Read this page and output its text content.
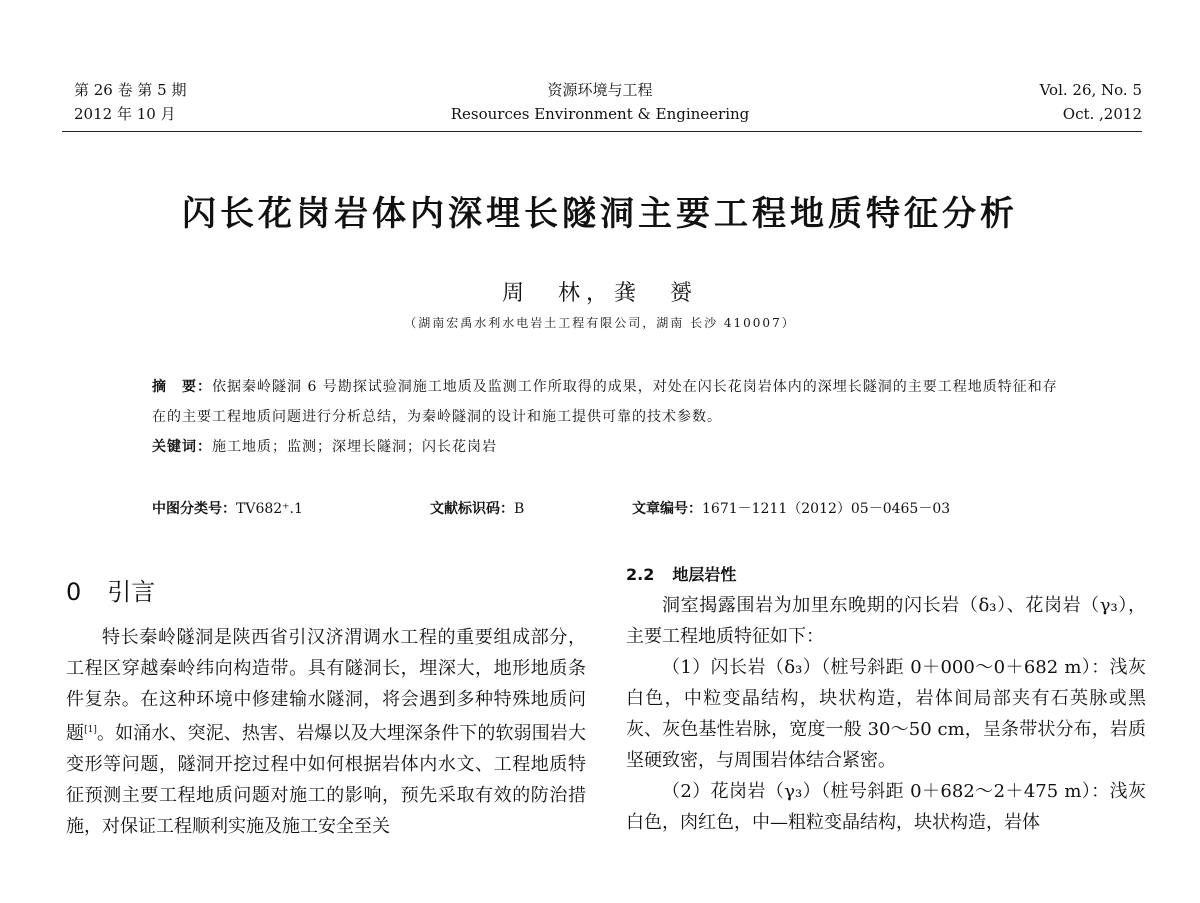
第 26 卷 第 5 期
2012 年 10 月
资源环境与工程
Resources Environment & Engineering
Vol. 26, No. 5
Oct. ,2012
闪长花岗岩体内深埋长隧洞主要工程地质特征分析
周　林，龚　赟
（湖南宏禹水利水电岩土工程有限公司，湖南 长沙 410007）
摘　要：依据秦岭隧洞 6 号勘探试验洞施工地质及监测工作所取得的成果，对处在闪长花岗岩体内的深埋长隧洞的主要工程地质特征和存在的主要工程地质问题进行分析总结，为秦岭隧洞的设计和施工提供可靠的技术参数。
关键词：施工地质；监测；深埋长隧洞；闪长花岗岩
中图分类号：TV682⁺.1	文献标识码：B	文章编号：1671－1211（2012）05－0465－03
0 引言

特长秦岭隧洞是陕西省引汉济渭调水工程的重要组成部分，工程区穿越秦岭纬向构造带。具有隧洞长，埋深大，地形地质条件复杂。在这种环境中修建输水隧洞，将会遇到多种特殊地质问题[1]。如涌水、突泥、热害、岩爆以及大埋深条件下的软弱围岩大变形等问题，隧洞开挖过程中如何根据岩体内水文、工程地质特征预测主要工程地质问题对施工的影响，预先采取有效的防治措施，对保证工程顺利实施及施工安全至关

2.2 地层岩性

洞室揭露围岩为加里东晚期的闪长岩（δ₃）、花岗岩（γ₃），主要工程地质特征如下：

（1）闪长岩（δ₃）（桩号斜距 0＋000～0＋682 m）：浅灰白色，中粒变晶结构，块状构造，岩体间局部夹有石英脉或黑灰、灰色基性岩脉，宽度一般 30～50 cm，呈条带状分布，岩质坚硬致密，与周围岩体结合紧密。

（2）花岗岩（γ₃）（桩号斜距 0＋682～2＋475 m）：浅灰白色，肉红色，中—粗粒变晶结构，块状构造，岩体
